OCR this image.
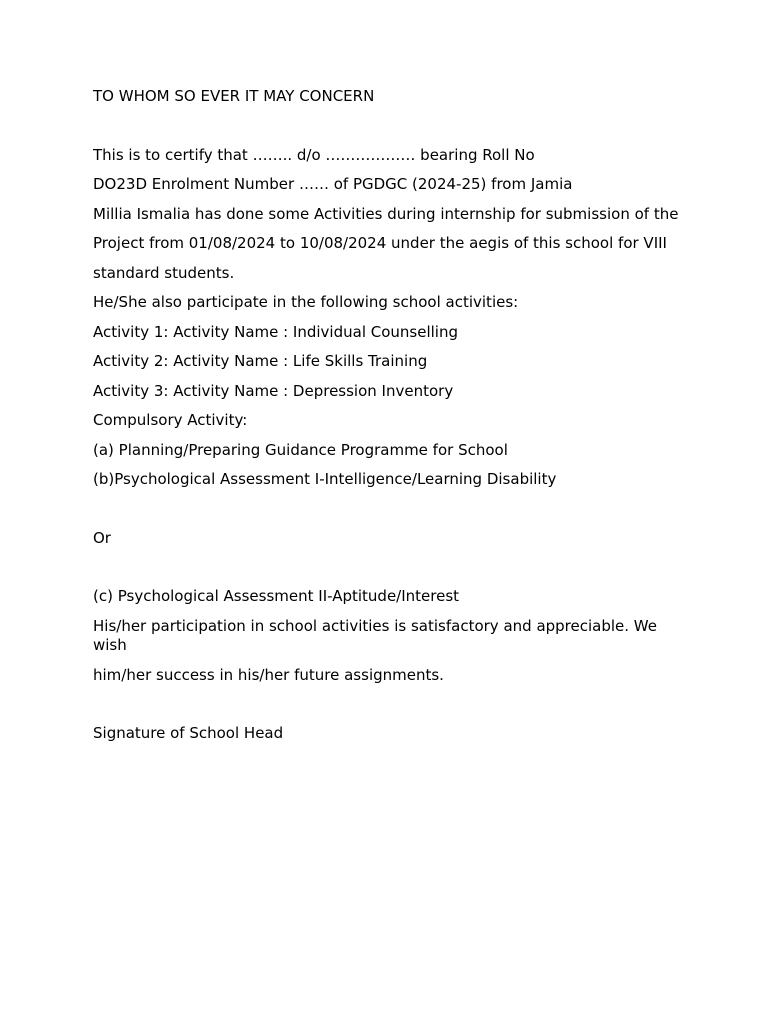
TO WHOM SO EVER IT MAY CONCERN

This is to certify that …….. d/o ……………… bearing Roll No

DO23D Enrolment Number …… of PGDGC (2024-25) from Jamia

Millia Ismalia has done some Activities during internship for submission of the

Project from 01/08/2024 to 10/08/2024 under the aegis of this school for VIII

standard students.

He/She also participate in the following school activities:

Activity 1: Activity Name : Individual Counselling

Activity 2: Activity Name : Life Skills Training

Activity 3: Activity Name : Depression Inventory

Compulsory Activity:

(a) Planning/Preparing Guidance Programme for School

(b)Psychological Assessment I-Intelligence/Learning Disability

Or

(c) Psychological Assessment II-Aptitude/Interest

His/her participation in school activities is satisfactory and appreciable. We wish

him/her success in his/her future assignments.

Signature of School Head
